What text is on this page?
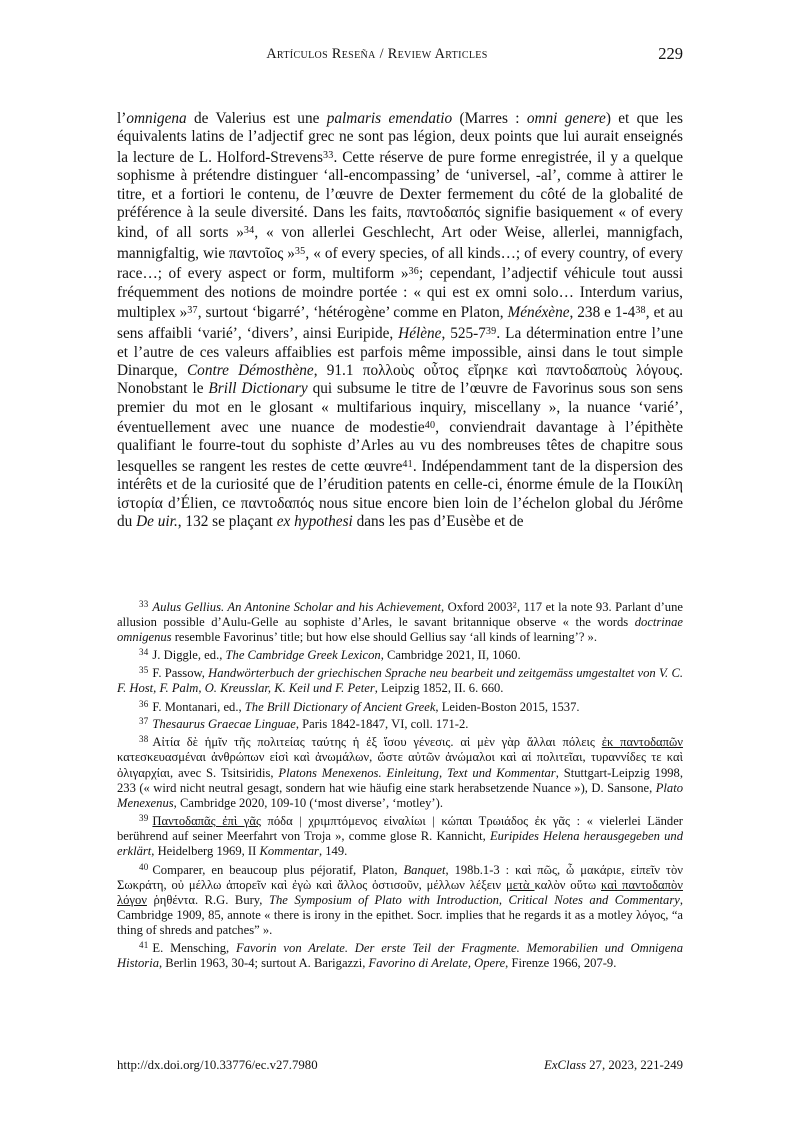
Artículos Reseña / Review Articles	229

l’omnigena de Valerius est une palmaris emendatio (Marres : omni genere) et que les équivalents latins de l’adjectif grec ne sont pas légion, deux points que lui aurait enseignés la lecture de L. Holford-Strevens$^{33}$. Cette réserve de pure forme enregistrée, il y a quelque sophisme à prétendre distinguer ‘all-encompassing’ de ‘universel, -al’, comme à attirer le titre, et a fortiori le contenu, de l’œuvre de Dexter fermement du côté de la globalité de préférence à la seule diversité. Dans les faits, παντοδαπός signifie basiquement « of every kind, of all sorts »$^{34}$, « von allerlei Geschlecht, Art oder Weise, allerlei, mannigfach, mannigfaltig, wie παντοῖος »$^{35}$, « of every species, of all kinds…; of every country, of every race…; of every aspect or form, multiform »$^{36}$; cependant, l’adjectif véhicule tout aussi fréquemment des notions de moindre portée : « qui est ex omni solo… Interdum varius, multiplex »$^{37}$, surtout ‘bigarré’, ‘hétérogène’ comme en Platon, Ménéxène, 238 e $1-4^{38}$, et au sens affaibli ‘varié’, ‘divers’, ainsi Euripide, Hélène, $525-7^{39}$. La détermination entre l’une et l’autre de ces valeurs affaiblies est parfois même impossible, ainsi dans le tout simple Dinarque, Contre Démosthène, 91.1 πολλοὺς οὗτος εἴρηκε καὶ παντοδαποὺς λόγους. Nonobstant le Brill Dictionary qui subsume le titre de l’œuvre de Favorinus sous son sens premier du mot en le glosant « multifarious inquiry, miscellany », la nuance ‘varié’, éventuellement avec une nuance de modestie$^{40}$, conviendrait davantage à l’épithète qualifiant le fourre-tout du sophiste d’Arles au vu des nombreuses têtes de chapitre sous lesquelles se rangent les restes de cette œuvre$^{41}$. Indépendamment tant de la dispersion des intérêts et de la curiosité que de l’érudition patents en celle-ci, énorme émule de la Ποικίλη ἱστορία d’Élien, ce παντοδαπός nous situe encore bien loin de l’échelon global du Jérôme du De uir., 132 se plaçant ex hypothesi dans les pas d’Eusèbe et de

$^{33}$ Aulus Gellius. An Antonine Scholar and his Achievement, Oxford 2003$^2$, 117 et la note 93. Parlant d’une allusion possible d’Aulu-Gelle au sophiste d’Arles, le savant britannique observe « the words doctrinae omnigenus resemble Favorinus’ title; but how else should Gellius say ‘all kinds of learning’? ».

$^{34}$ J. Diggle, ed., The Cambridge Greek Lexicon, Cambridge 2021, II, 1060.

$^{35}$ F. Passow, Handwörterbuch der griechischen Sprache neu bearbeit und zeitgemäss umgestaltet von V. C. F. Host, F. Palm, O. Kreusslar, K. Keil und F. Peter, Leipzig 1852, II. 6. 660.

$^{36}$ F. Montanari, ed., The Brill Dictionary of Ancient Greek, Leiden-Boston 2015, 1537.

$^{37}$ Thesaurus Graecae Linguae, Paris 1842-1847, VI, coll. 171-2.

$^{38}$ Αἰτία δὲ ἡμῖν τῆς πολιτείας ταύτης ἡ ἐξ ἴσου γένεσις. αἱ μὲν γὰρ ἄλλαι πόλεις ἐκ παντοδαπῶν κατεσκευασμέναι ἀνθρώπων εἰσὶ καὶ ἀνωμάλων, ὥστε αὐτῶν ἀνώμαλοι καὶ αἱ πολιτεῖαι, τυραννίδες τε καὶ ὀλιγαρχίαι, avec S. Tsitsiridis, Platons Menexenos. Einleitung, Text und Kommentar, Stuttgart-Leipzig 1998, 233 (« wird nicht neutral gesagt, sondern hat wie häufig eine stark herabsetzende Nuance »), D. Sansone, Plato Menexenus, Cambridge 2020, 109-10 (‘most diverse’, ‘motley’).

$^{39}$ Παντοδαπᾶς ἐπὶ γᾶς πόδα | χριμπτόμενος εἰναλίωι | κώπαι Τρωιάδος ἐκ γᾶς : « vielerlei Länder berührend auf seiner Meerfahrt von Troja », comme glose R. Kannicht, Euripides Helena herausgegeben und erklärt, Heidelberg 1969, II Kommentar, 149.

$^{40}$ Comparer, en beaucoup plus péjoratif, Platon, Banquet, 198b.1-3 : καὶ πῶς, ὦ μακάριε, εἰπεῖν τὸν Σωκράτη, οὐ μέλλω ἀπορεῖν καὶ ἐγὼ καὶ ἄλλος ὁστισοῦν, μέλλων λέξειν μετὰ καλὸν οὕτω καὶ παντοδαπὸν λόγον ῥηθέντα. R.G. Bury, The Symposium of Plato with Introduction, Critical Notes and Commentary, Cambridge 1909, 85, annote « there is irony in the epithet. Socr. implies that he regards it as a motley λόγος, “a thing of shreds and patches” ».

$^{41}$ E. Mensching, Favorin von Arelate. Der erste Teil der Fragmente. Memorabilien und Omnigena Historia, Berlin 1963, 30-4; surtout A. Barigazzi, Favorino di Arelate, Opere, Firenze 1966, 207-9.

http://dx.doi.org/10.33776/ec.v27.7980	ExClass 27, 2023, 221-249
